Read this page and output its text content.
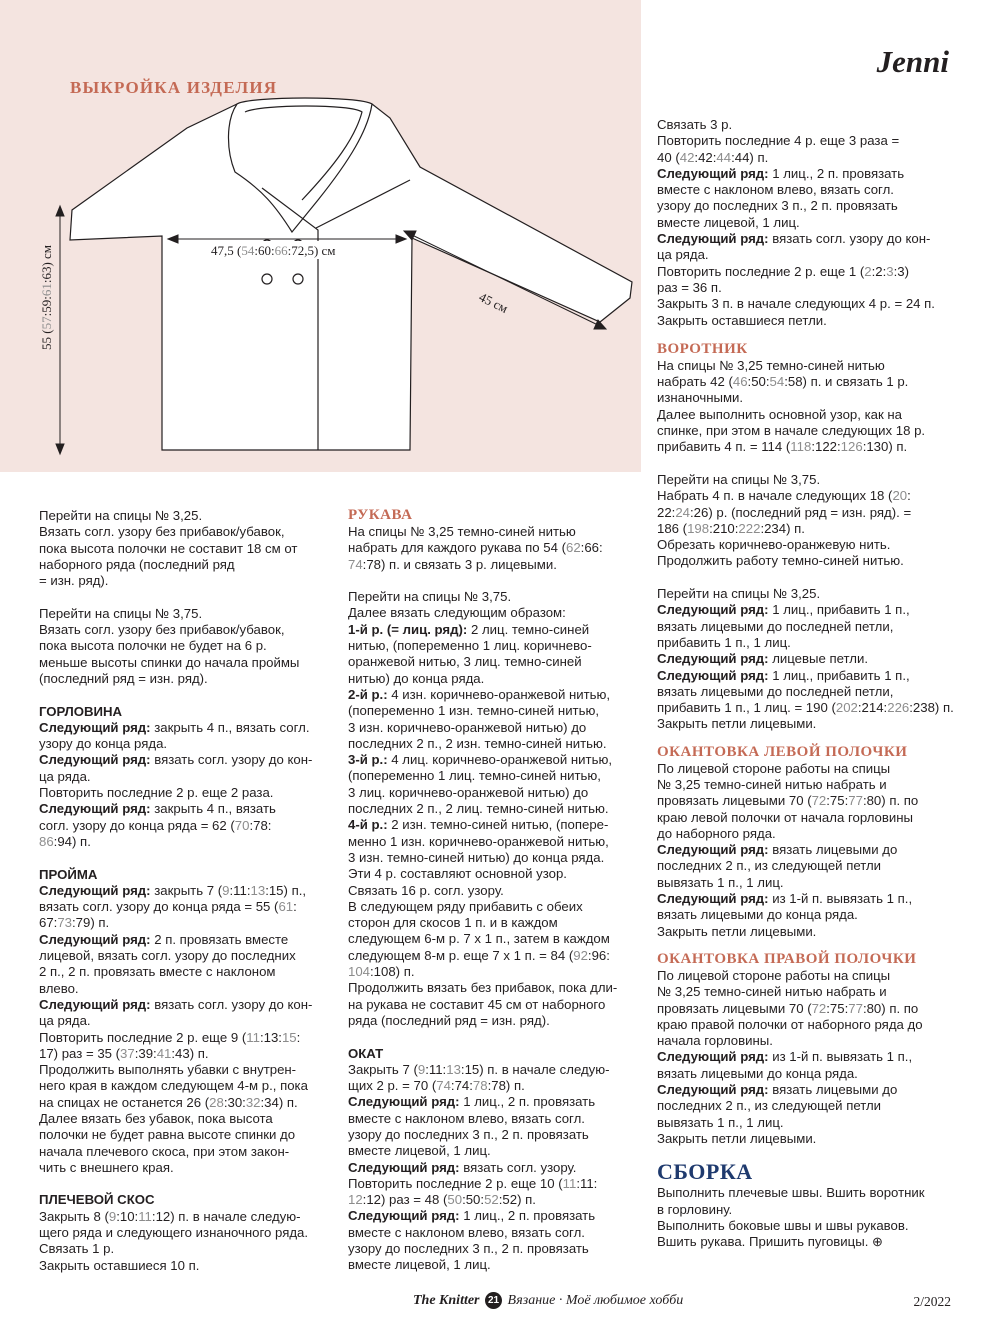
Jenni
ВЫКРОЙКА ИЗДЕЛИЯ
47,5 (54:60:66:72,5) см
45 см
55 (57:59:61:63) см

Перейти на спицы № 3,25.

Вязать согл. узору без прибавок/убавок,

пока высота полочки не составит 18 см от

наборного ряда (последний ряд

= изн. ряд).

Перейти на спицы № 3,75.

Вязать согл. узору без прибавок/убавок,

пока высота полочки не будет на 6 р.

меньше высоты спинки до начала проймы

(последний ряд = изн. ряд).

ГОРЛОВИНА

Следующий ряд: закрыть 4 п., вязать согл.

узору до конца ряда.

Следующий ряд: вязать согл. узору до кон-

ца ряда.

Повторить последние 2 р. еще 2 раза.

Следующий ряд: закрыть 4 п., вязать

согл. узору до конца ряда = 62 (70:78:

86:94) п.

ПРОЙМА

Следующий ряд: закрыть 7 (9:11:13:15) п.,

вязать согл. узору до конца ряда = 55 (61:

67:73:79) п.

Следующий ряд: 2 п. провязать вместе

лицевой, вязать согл. узору до последних

2 п., 2 п. провязать вместе с наклоном

влево.

Следующий ряд: вязать согл. узору до кон-

ца ряда.

Повторить последние 2 р. еще 9 (11:13:15:

17) раз = 35 (37:39:41:43) п.

Продолжить выполнять убавки с внутрен-

него края в каждом следующем 4-м р., пока

на спицах не останется 26 (28:30:32:34) п.

Далее вязать без убавок, пока высота

полочки не будет равна высоте спинки до

начала плечевого скоса, при этом закон-

чить с внешнего края.

ПЛЕЧЕВОЙ СКОС

Закрыть 8 (9:10:11:12) п. в начале следую-

щего ряда и следующего изнаночного ряда.

Связать 1 р.

Закрыть оставшиеся 10 п.

РУКАВА

На спицы № 3,25 темно-синей нитью

набрать для каждого рукава по 54 (62:66:

74:78) п. и связать 3 р. лицевыми.

Перейти на спицы № 3,75.

Далее вязать следующим образом:

1-й р. (= лиц. ряд): 2 лиц. темно-синей

нитью, (попеременно 1 лиц. коричнево-

оранжевой нитью, 3 лиц. темно-синей

нитью) до конца ряда.

2-й р.: 4 изн. коричнево-оранжевой нитью,

(попеременно 1 изн. темно-синей нитью,

3 изн. коричнево-оранжевой нитью) до

последних 2 п., 2 изн. темно-синей нитью.

3-й р.: 4 лиц. коричнево-оранжевой нитью,

(попеременно 1 лиц. темно-синей нитью,

3 лиц. коричнево-оранжевой нитью) до

последних 2 п., 2 лиц. темно-синей нитью.

4-й р.: 2 изн. темно-синей нитью, (попере-

менно 1 изн. коричнево-оранжевой нитью,

3 изн. темно-синей нитью) до конца ряда.

Эти 4 р. составляют основной узор.

Связать 16 р. согл. узору.

В следующем ряду прибавить с обеих

сторон для скосов 1 п. и в каждом

следующем 6-м р. 7 х 1 п., затем в каждом

следующем 8-м р. еще 7 х 1 п. = 84 (92:96:

104:108) п.

Продолжить вязать без прибавок, пока дли-

на рукава не составит 45 см от наборного

ряда (последний ряд = изн. ряд).

ОКАТ

Закрыть 7 (9:11:13:15) п. в начале следую-

щих 2 р. = 70 (74:74:78:78) п.

Следующий ряд: 1 лиц., 2 п. провязать

вместе с наклоном влево, вязать согл.

узору до последних 3 п., 2 п. провязать

вместе лицевой, 1 лиц.

Следующий ряд: вязать согл. узору.

Повторить последние 2 р. еще 10 (11:11:

12:12) раз = 48 (50:50:52:52) п.

Следующий ряд: 1 лиц., 2 п. провязать

вместе с наклоном влево, вязать согл.

узору до последних 3 п., 2 п. провязать

вместе лицевой, 1 лиц.

Связать 3 р.

Повторить последние 4 р. еще 3 раза =

40 (42:42:44:44) п.

Следующий ряд: 1 лиц., 2 п. провязать

вместе с наклоном влево, вязать согл.

узору до последних 3 п., 2 п. провязать

вместе лицевой, 1 лиц.

Следующий ряд: вязать согл. узору до кон-

ца ряда.

Повторить последние 2 р. еще 1 (2:2:3:3)

раз = 36 п.

Закрыть 3 п. в начале следующих 4 р. = 24 п.

Закрыть оставшиеся петли.

ВОРОТНИК

На спицы № 3,25 темно-синей нитью

набрать 42 (46:50:54:58) п. и связать 1 р.

изнаночными.

Далее выполнить основной узор, как на

спинке, при этом в начале следующих 18 р.

прибавить 4 п. = 114 (118:122:126:130) п.

Перейти на спицы № 3,75.

Набрать 4 п. в начале следующих 18 (20:

22:24:26) р. (последний ряд = изн. ряд). =

186 (198:210:222:234) п.

Обрезать коричнево-оранжевую нить.

Продолжить работу темно-синей нитью.

Перейти на спицы № 3,25.

Следующий ряд: 1 лиц., прибавить 1 п.,

вязать лицевыми до последней петли,

прибавить 1 п., 1 лиц.

Следующий ряд: лицевые петли.

Следующий ряд: 1 лиц., прибавить 1 п.,

вязать лицевыми до последней петли,

прибавить 1 п., 1 лиц. = 190 (202:214:226:238) п.

Закрыть петли лицевыми.

ОКАНТОВКА ЛЕВОЙ ПОЛОЧКИ

По лицевой стороне работы на спицы

№ 3,25 темно-синей нитью набрать и

провязать лицевыми 70 (72:75:77:80) п. по

краю левой полочки от начала горловины

до наборного ряда.

Следующий ряд: вязать лицевыми до

последних 2 п., из следующей петли

вывязать 1 п., 1 лиц.

Следующий ряд: из 1-й п. вывязать 1 п.,

вязать лицевыми до конца ряда.

Закрыть петли лицевыми.

ОКАНТОВКА ПРАВОЙ ПОЛОЧКИ

По лицевой стороне работы на спицы

№ 3,25 темно-синей нитью набрать и

провязать лицевыми 70 (72:75:77:80) п. по

краю правой полочки от наборного ряда до

начала горловины.

Следующий ряд: из 1-й п. вывязать 1 п.,

вязать лицевыми до конца ряда.

Следующий ряд: вязать лицевыми до

последних 2 п., из следующей петли

вывязать 1 п., 1 лиц.

Закрыть петли лицевыми.

СБОРКА

Выполнить плечевые швы. Вшить воротник

в горловину.

Выполнить боковые швы и швы рукавов.

Вшить рукава. Пришить пуговицы. ⊕

The Knitter 21 Вязание · Моё любимое хобби	2/2022
